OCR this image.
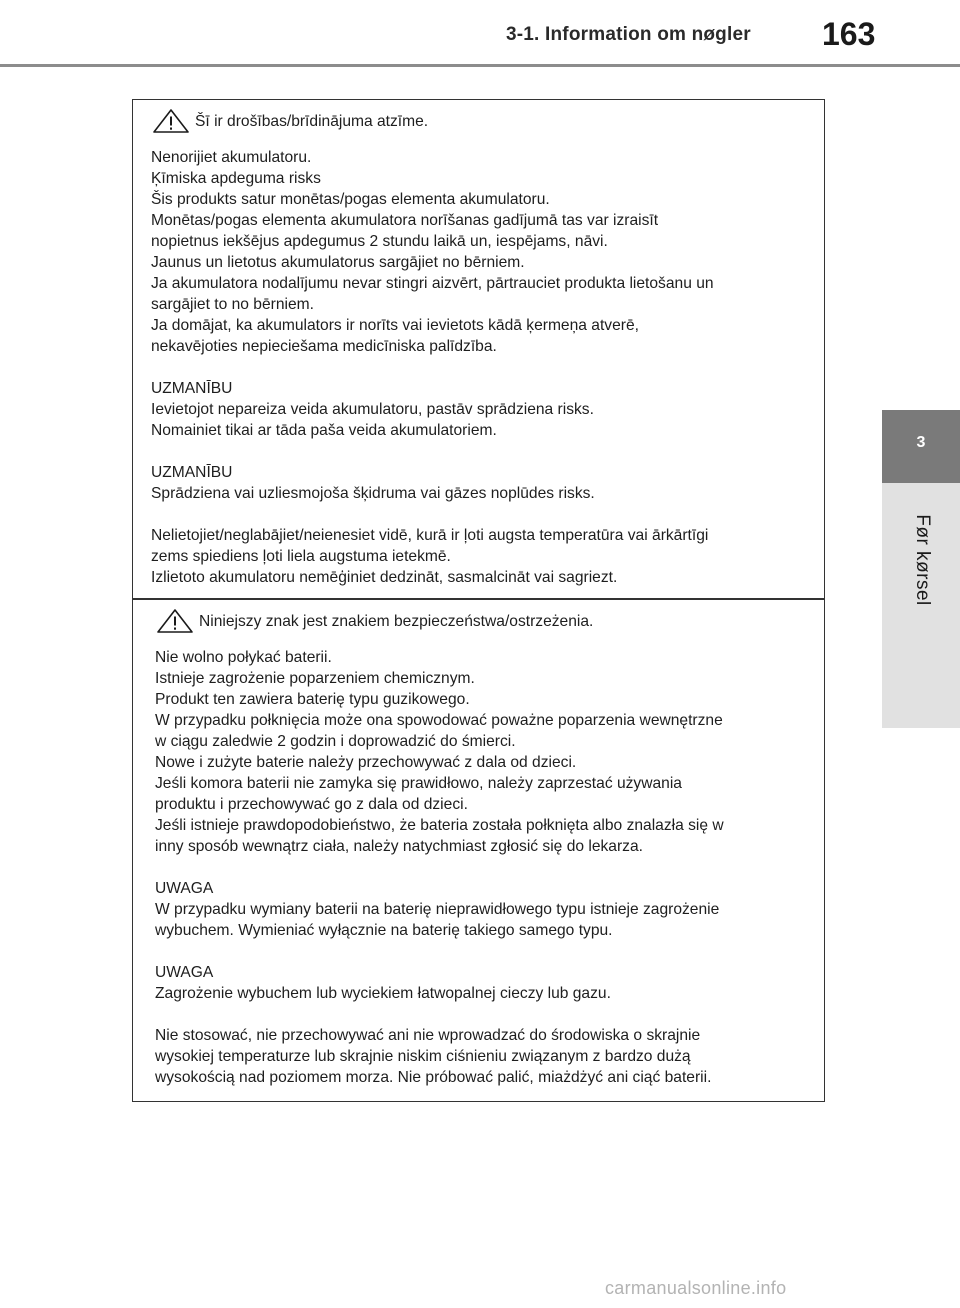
3-1. Information om nøgler 163
3
Før kørsel
Šī ir drošības/brīdinājuma atzīme.
Nenorijiet akumulatoru.
Ķīmiska apdeguma risks
Šis produkts satur monētas/pogas elementa akumulatoru.
Monētas/pogas elementa akumulatora norīšanas gadījumā tas var izraisīt
nopietnus iekšējus apdegumus 2 stundu laikā un, iespējams, nāvi.
Jaunus un lietotus akumulatorus sargājiet no bērniem.
Ja akumulatora nodalījumu nevar stingri aizvērt, pārtrauciet produkta lietošanu un
sargājiet to no bērniem.
Ja domājat, ka akumulators ir norīts vai ievietots kādā ķermeņa atverē,
nekavējoties nepieciešama medicīniska palīdzība.
UZMANĪBU
Ievietojot nepareiza veida akumulatoru, pastāv sprādziena risks.
Nomainiet tikai ar tāda paša veida akumulatoriem.
UZMANĪBU
Sprādziena vai uzliesmojoša šķidruma vai gāzes noplūdes risks.
Nelietojiet/neglabājiet/neienesiet vidē, kurā ir ļoti augsta temperatūra vai ārkārtīgi
zems spiediens ļoti liela augstuma ietekmē.
Izlietoto akumulatoru nemēģiniet dedzināt, sasmalcināt vai sagriezt.
Niniejszy znak jest znakiem bezpieczeństwa/ostrzeżenia.
Nie wolno połykać baterii.
Istnieje zagrożenie poparzeniem chemicznym.
Produkt ten zawiera baterię typu guzikowego.
W przypadku połknięcia może ona spowodować poważne poparzenia wewnętrzne
w ciągu zaledwie 2 godzin i doprowadzić do śmierci.
Nowe i zużyte baterie należy przechowywać z dala od dzieci.
Jeśli komora baterii nie zamyka się prawidłowo, należy zaprzestać używania
produktu i przechowywać go z dala od dzieci.
Jeśli istnieje prawdopodobieństwo, że bateria została połknięta albo znalazła się w
inny sposób wewnątrz ciała, należy natychmiast zgłosić się do lekarza.
UWAGA
W przypadku wymiany baterii na baterię nieprawidłowego typu istnieje zagrożenie
wybuchem. Wymieniać wyłącznie na baterię takiego samego typu.
UWAGA
Zagrożenie wybuchem lub wyciekiem łatwopalnej cieczy lub gazu.
Nie stosować, nie przechowywać ani nie wprowadzać do środowiska o skrajnie
wysokiej temperaturze lub skrajnie niskim ciśnieniu związanym z bardzo dużą
wysokością nad poziomem morza. Nie próbować palić, miażdżyć ani ciąć baterii.
carmanualsonline.info
